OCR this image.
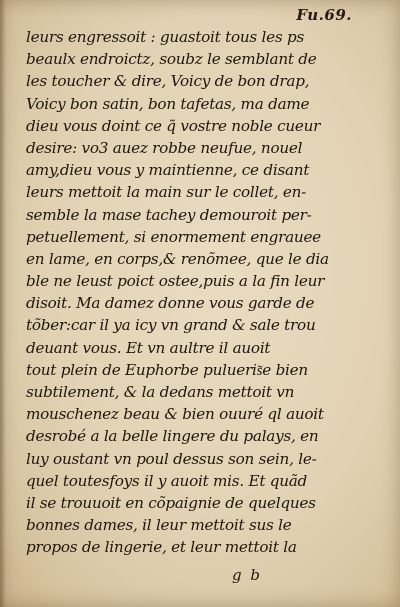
Fu.69.
leurs engressoit : guastoit tous les ps
beaulx endroictz, soubz le semblant de
les toucher & dire, Voicy de bon drap,
Voicy bon satin, bon tafetas, ma dame
dieu vous doint ce q̃ vostre noble cueur
desire: vo3 auez robbe neufue, nouel
amy,dieu vous y maintienne, ce disant
leurs mettoit la main sur le collet, en-
semble la mase tachey demouroit per-
petuellement, si enormement engrauee
en lame, en corps,& renõmee, que le dia
ble ne leust poict ostee,puis a la fin leur
disoit. Ma damez donne vous garde de
tõber:car il ya icy vn grand & sale trou
deuant vous. Et vn aultre il auoit
tout plein de Euphorbe pulueris͂e bien
subtilement, & la dedans mettoit vn
mouschenez beau & bien ouuré ql auoit
desrobé a la belle lingere du palays, en
luy oustant vn poul dessus son sein, le-
quel toutesfoys il y auoit mis. Et quãd
il se trouuoit en cõpaignie de quelques
bonnes dames, il leur mettoit sus le
propos de lingerie, et leur mettoit la
g b
